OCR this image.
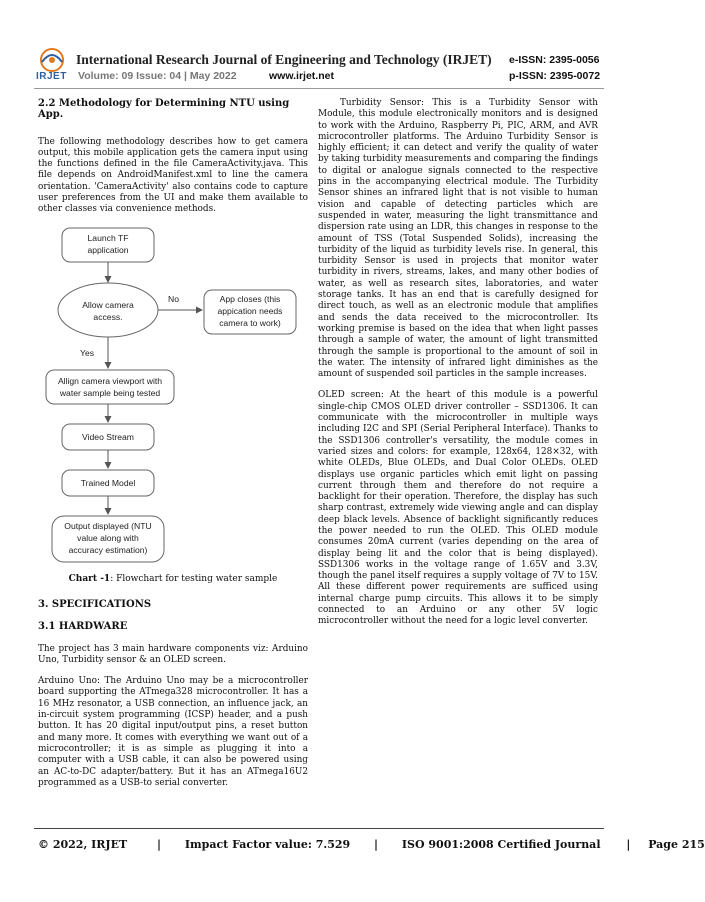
IRJET
International Research Journal of Engineering and Technology (IRJET) e-ISSN: 2395-0056
Volume: 09 Issue: 04 | May 2022	www.irjet.net	p-ISSN: 2395-0072
2.2 Methodology for Determining NTU using App.

The following methodology describes how to get camera output, this mobile application gets the camera input using the functions defined in the file CameraActivity.java. This file depends on AndroidManifest.xml to line the camera orientation. 'CameraActivity' also contains code to capture user preferences from the UI and make them available to other classes via convenience methods.

Launch TF
application
Allow camera
access.
No	App closes (this
appication needs
camera to work)
Yes
Allign camera viewport with
water sample being tested
Video Stream
Trained Model
Output displayed (NTU
value along with
accuracy estimation)
Chart -1: Flowchart for testing water sample
3. SPECIFICATIONS
3.1 HARDWARE

The project has 3 main hardware components viz: Arduino Uno, Turbidity sensor & an OLED screen.

Arduino Uno: The Arduino Uno may be a microcontroller board supporting the ATmega328 microcontroller. It has a 16 MHz resonator, a USB connection, an influence jack, an in-circuit system programming (ICSP) header, and a push button. It has 20 digital input/output pins, a reset button and many more. It comes with everything we want out of a microcontroller; it is as simple as plugging it into a computer with a USB cable, it can also be powered using an AC-to-DC adapter/battery. But it has an ATmega16U2 programmed as a USB-to serial converter.

Turbidity Sensor: This is a Turbidity Sensor with Module, this module electronically monitors and is designed to work with the Arduino, Raspberry Pi, PIC, ARM, and AVR microcontroller platforms. The Arduino Turbidity Sensor is highly efficient; it can detect and verify the quality of water by taking turbidity measurements and comparing the findings to digital or analogue signals connected to the respective pins in the accompanying electrical module. The Turbidity Sensor shines an infrared light that is not visible to human vision and capable of detecting particles which are suspended in water, measuring the light transmittance and dispersion rate using an LDR, this changes in response to the amount of TSS (Total Suspended Solids), increasing the turbidity of the liquid as turbidity levels rise. In general, this turbidity Sensor is used in projects that monitor water turbidity in rivers, streams, lakes, and many other bodies of water, as well as research sites, laboratories, and water storage tanks. It has an end that is carefully designed for direct touch, as well as an electronic module that amplifies and sends the data received to the microcontroller. Its working premise is based on the idea that when light passes through a sample of water, the amount of light transmitted through the sample is proportional to the amount of soil in the water. The intensity of infrared light diminishes as the amount of suspended soil particles in the sample increases.

OLED screen: At the heart of this module is a powerful single-chip CMOS OLED driver controller – SSD1306. It can communicate with the microcontroller in multiple ways including I2C and SPI (Serial Peripheral Interface). Thanks to the SSD1306 controller's versatility, the module comes in varied sizes and colors: for example, 128x64, 128×32, with white OLEDs, Blue OLEDs, and Dual Color OLEDs. OLED displays use organic particles which emit light on passing current through them and therefore do not require a backlight for their operation. Therefore, the display has such sharp contrast, extremely wide viewing angle and can display deep black levels. Absence of backlight significantly reduces the power needed to run the OLED. This OLED module consumes 20mA current (varies depending on the area of display being lit and the color that is being displayed). SSD1306 works in the voltage range of 1.65V and 3.3V, though the panel itself requires a supply voltage of 7V to 15V. All these different power requirements are sufficed using internal charge pump circuits. This allows it to be simply connected to an Arduino or any other 5V logic microcontroller without the need for a logic level converter.

© 2022, IRJET	| Impact Factor value: 7.529 | ISO 9001:2008 Certified Journal | Page 215
